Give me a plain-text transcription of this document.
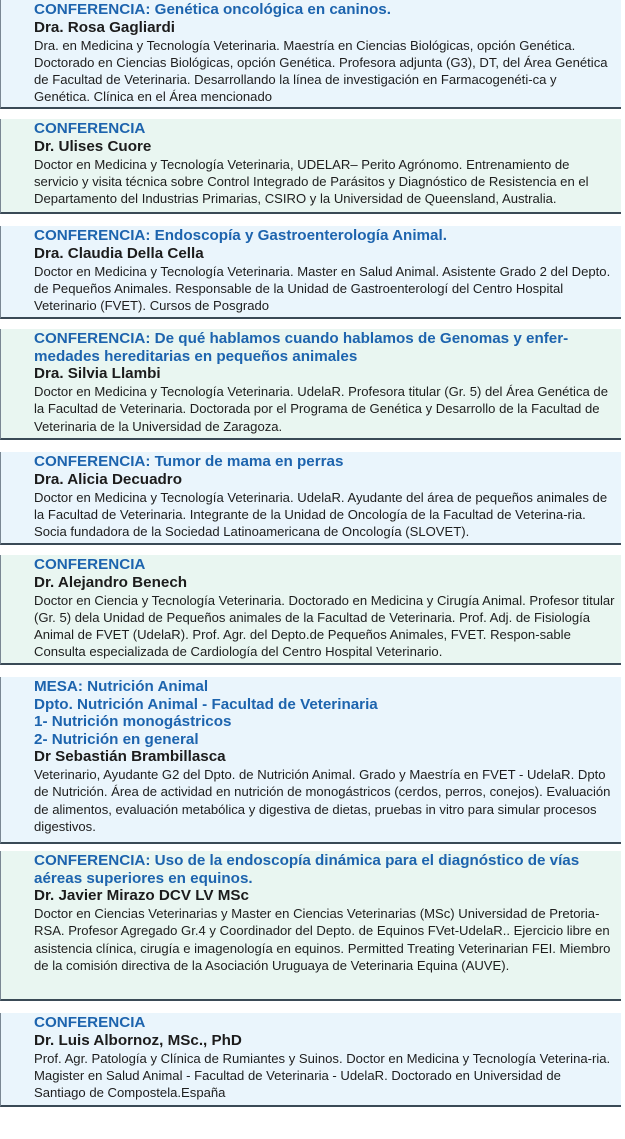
CONFERENCIA: Genética oncológica en caninos.
Dra. Rosa Gagliardi
Dra. en Medicina y Tecnología Veterinaria. Maestría en Ciencias Biológicas, opción Genética. Doctorado en Ciencias Biológicas, opción Genética. Profesora adjunta (G3), DT, del Área Genética de Facultad de Veterinaria. Desarrollando la línea de investigación en Farmacogenéti-ca y Genética. Clínica en el Área mencionado
CONFERENCIA
Dr. Ulises Cuore
Doctor en Medicina y Tecnología Veterinaria, UDELAR– Perito Agrónomo. Entrenamiento de servicio y visita técnica sobre Control Integrado de Parásitos y Diagnóstico de Resistencia en el Departamento del Industrias Primarias, CSIRO y la Universidad de Queensland, Australia.
CONFERENCIA: Endoscopía y Gastroenterología Animal.
Dra. Claudia Della Cella
Doctor en Medicina y Tecnología Veterinaria. Master en Salud Animal. Asistente Grado 2 del Depto. de Pequeños Animales. Responsable de la Unidad de Gastroenterologí del Centro Hospital Veterinario (FVET). Cursos de Posgrado
CONFERENCIA: De qué hablamos cuando hablamos de Genomas y enfer-medades hereditarias en pequeños animales
Dra. Silvia Llambi
Doctor en Medicina y Tecnología Veterinaria. UdelaR. Profesora titular (Gr. 5) del Área Genética de la Facultad de Veterinaria. Doctorada por el Programa de Genética y Desarrollo de la Facultad de Veterinaria de la Universidad de Zaragoza.
CONFERENCIA: Tumor de mama en perras
Dra. Alicia Decuadro
Doctor en Medicina y Tecnología Veterinaria. UdelaR. Ayudante del área de pequeños animales de la Facultad de Veterinaria. Integrante de la Unidad de Oncología de la Facultad de Veterina-ria. Socia fundadora de la Sociedad Latinoamericana de Oncología (SLOVET).
CONFERENCIA
Dr. Alejandro Benech
Doctor en Ciencia y Tecnología Veterinaria. Doctorado en Medicina y Cirugía Animal. Profesor titular (Gr. 5) dela Unidad de Pequeños animales de la Facultad de Veterinaria. Prof. Adj. de Fisiología Animal de FVET (UdelaR). Prof. Agr. del Depto.de Pequeños Animales, FVET. Respon-sable Consulta especializada de Cardiología del Centro Hospital Veterinario.
MESA: Nutrición Animal
Dpto. Nutrición Animal - Facultad de Veterinaria
1- Nutrición monogástricos
2- Nutrición en general
Dr Sebastián Brambillasca
Veterinario, Ayudante G2 del Dpto. de Nutrición Animal. Grado y Maestría en FVET - UdelaR. Dpto de Nutrición. Área de actividad en nutrición de monogástricos (cerdos, perros, conejos). Evaluación de alimentos, evaluación metabólica y digestiva de dietas, pruebas in vitro para simular procesos digestivos.
CONFERENCIA: Uso de la endoscopía dinámica para el diagnóstico de vías aéreas superiores en equinos.
Dr. Javier Mirazo DCV LV MSc
Doctor en Ciencias Veterinarias y Master en Ciencias Veterinarias (MSc) Universidad de Pretoria-RSA. Profesor Agregado Gr.4 y Coordinador del Depto. de Equinos FVet-UdelaR.. Ejercicio libre en asistencia clínica, cirugía e imagenología en equinos. Permitted Treating Veterinarian FEI. Miembro de la comisión directiva de la Asociación Uruguaya de Veterinaria Equina (AUVE).
CONFERENCIA
Dr. Luis Albornoz, MSc., PhD
Prof. Agr. Patología y Clínica de Rumiantes y Suinos. Doctor en Medicina y Tecnología Veterina-ria. Magister en Salud Animal - Facultad de Veterinaria - UdelaR. Doctorado en Universidad de Santiago de Compostela.España
